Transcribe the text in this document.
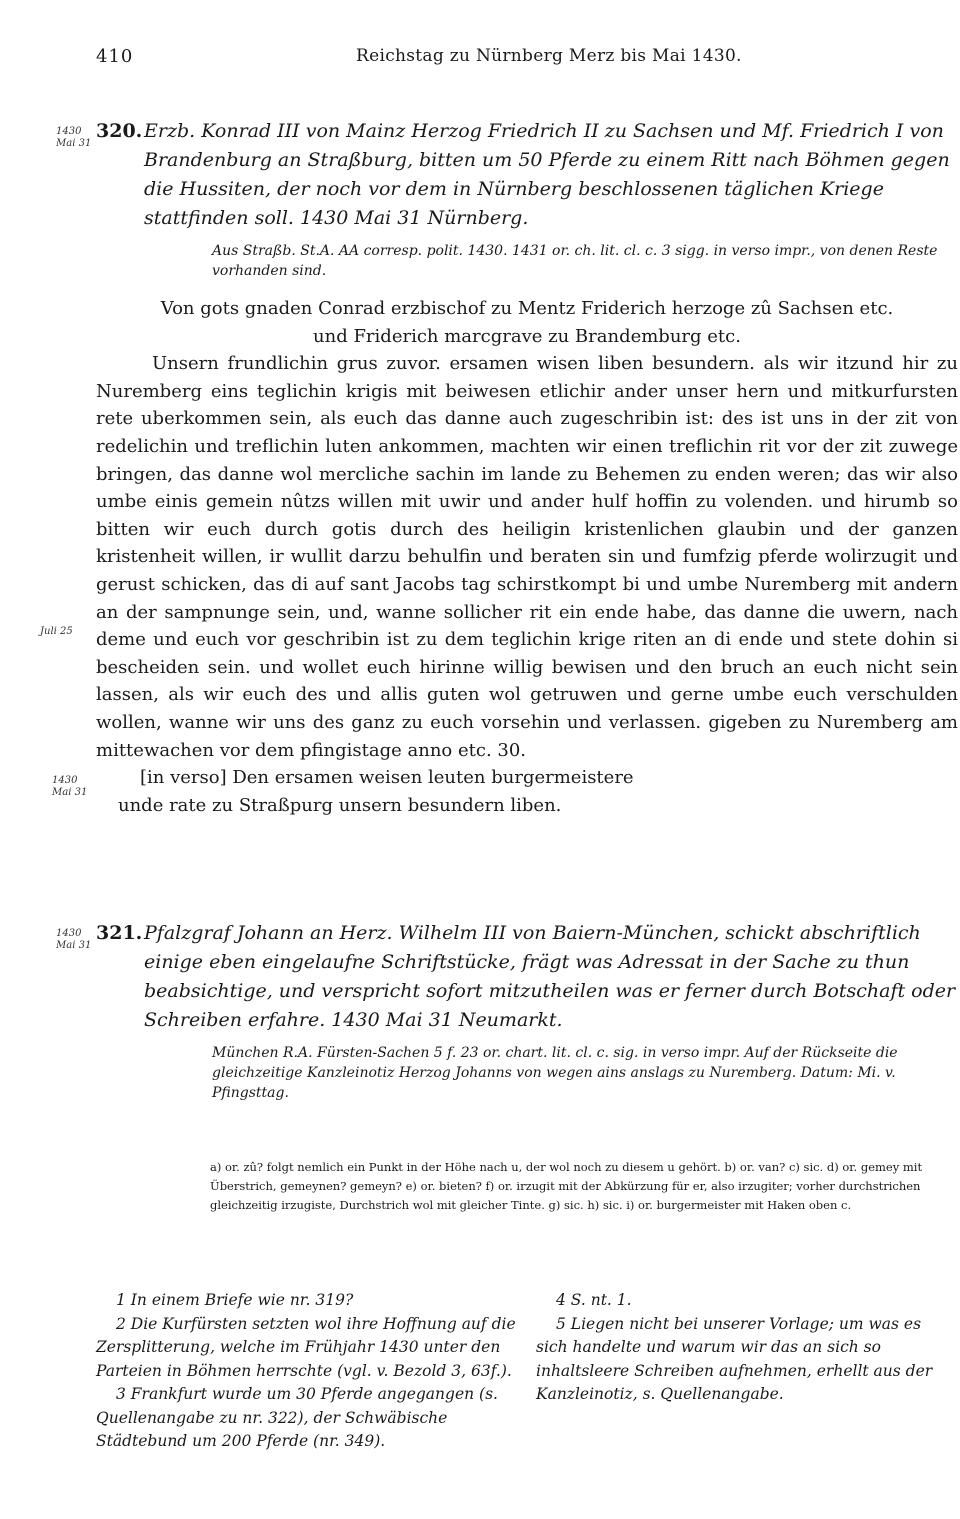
410	Reichstag zu Nürnberg Merz bis Mai 1430.
1430
Mai 31

320.Erzb. Konrad III von Mainz Herzog Friedrich II zu Sachsen und Mf. Friedrich I von Brandenburg an Straßburg, bitten um 50 Pferde zu einem Ritt nach Böhmen gegen die Hussiten, der noch vor dem in Nürnberg beschlossenen täglichen Kriege stattfinden soll. 1430 Mai 31 Nürnberg.

Aus Straßb. St.A. AA corresp. polit. 1430. 1431 or. ch. lit. cl. c. 3 sigg. in verso impr., von denen Reste vorhanden sind.

Von gots gnaden Conrad erzbischof zu Mentz Friderich herzoge zû Sachsen etc.

und Friderich marcgrave zu Brandemburg etc.

Unsern frundlichin grus zuvor. ersamen wisen liben besundern. als wir itzund hir zu Nuremberg eins teglichin krigis mit beiwesen etlichir ander unser hern und mitkurfursten rete uberkommen sein, als euch das danne auch zugeschribin ist: des ist uns in der zit von redelichin und treflichin luten ankommen, machten wir einen treflichin rit vor der zit zuwege bringen, das danne wol mercliche sachin im lande zu Behemen zu enden weren; das wir also umbe einis gemein nûtzs willen mit uwir und ander hulf hoffin zu volenden. und hirumb so bitten wir euch durch gotis durch des heiligin kristenlichen glaubin und der ganzen kristenheit willen, ir wullit darzu behulfin und beraten sin und fumfzig pferde wolirzugit und gerust schicken, das di auf sant Jacobs tag schirstkompt bi und umbe Nuremberg mit andern an der sampnunge sein, und, wanne sollicher rit ein ende habe, das danne die uwern, nach deme und euch vor geschribin ist zu dem teglichin krige riten an di ende und stete dohin si bescheiden sein. und wollet euch hirinne willig bewisen und den bruch an euch nicht sein lassen, als wir euch des und allis guten wol getruwen und gerne umbe euch verschulden wollen, wanne wir uns des ganz zu euch vorsehin und verlassen. gigeben zu Nuremberg am mittewachen vor dem pfingistage anno etc. 30.

[in verso] Den ersamen weisen leuten burgermeistere

unde rate zu Straßpurg unsern besundern liben.

Juli 25
1430
Mai 31
1430
Mai 31

321.Pfalzgraf Johann an Herz. Wilhelm III von Baiern-München, schickt abschriftlich einige eben eingelaufne Schriftstücke, frägt was Adressat in der Sache zu thun beabsichtige, und verspricht sofort mitzutheilen was er ferner durch Botschaft oder Schreiben erfahre. 1430 Mai 31 Neumarkt.

München R.A. Fürsten-Sachen 5 f. 23 or. chart. lit. cl. c. sig. in verso impr. Auf der Rückseite die gleichzeitige Kanzleinotiz Herzog Johanns von wegen ains anslags zu Nuremberg. Datum: Mi. v. Pfingsttag.

a) or. zû? folgt nemlich ein Punkt in der Höhe nach u, der wol noch zu diesem u gehört. b) or. van? c) sic. d) or. gemey mit Überstrich, gemeynen? gemeyn? e) or. bieten? f) or. irzugit mit der Abkürzung für er, also irzugiter; vorher durchstrichen gleichzeitig irzugiste, Durchstrich wol mit gleicher Tinte. g) sic. h) sic. i) or. burgermeister mit Haken oben c.

1 In einem Briefe wie nr. 319?

2 Die Kurfürsten setzten wol ihre Hoffnung auf die Zersplitterung, welche im Frühjahr 1430 unter den Parteien in Böhmen herrschte (vgl. v. Bezold 3, 63f.).

3 Frankfurt wurde um 30 Pferde angegangen (s. Quellenangabe zu nr. 322), der Schwäbische Städtebund um 200 Pferde (nr. 349).

4 S. nt. 1.

5 Liegen nicht bei unserer Vorlage; um was es sich handelte und warum wir das an sich so inhaltsleere Schreiben aufnehmen, erhellt aus der Kanzleinotiz, s. Quellenangabe.
